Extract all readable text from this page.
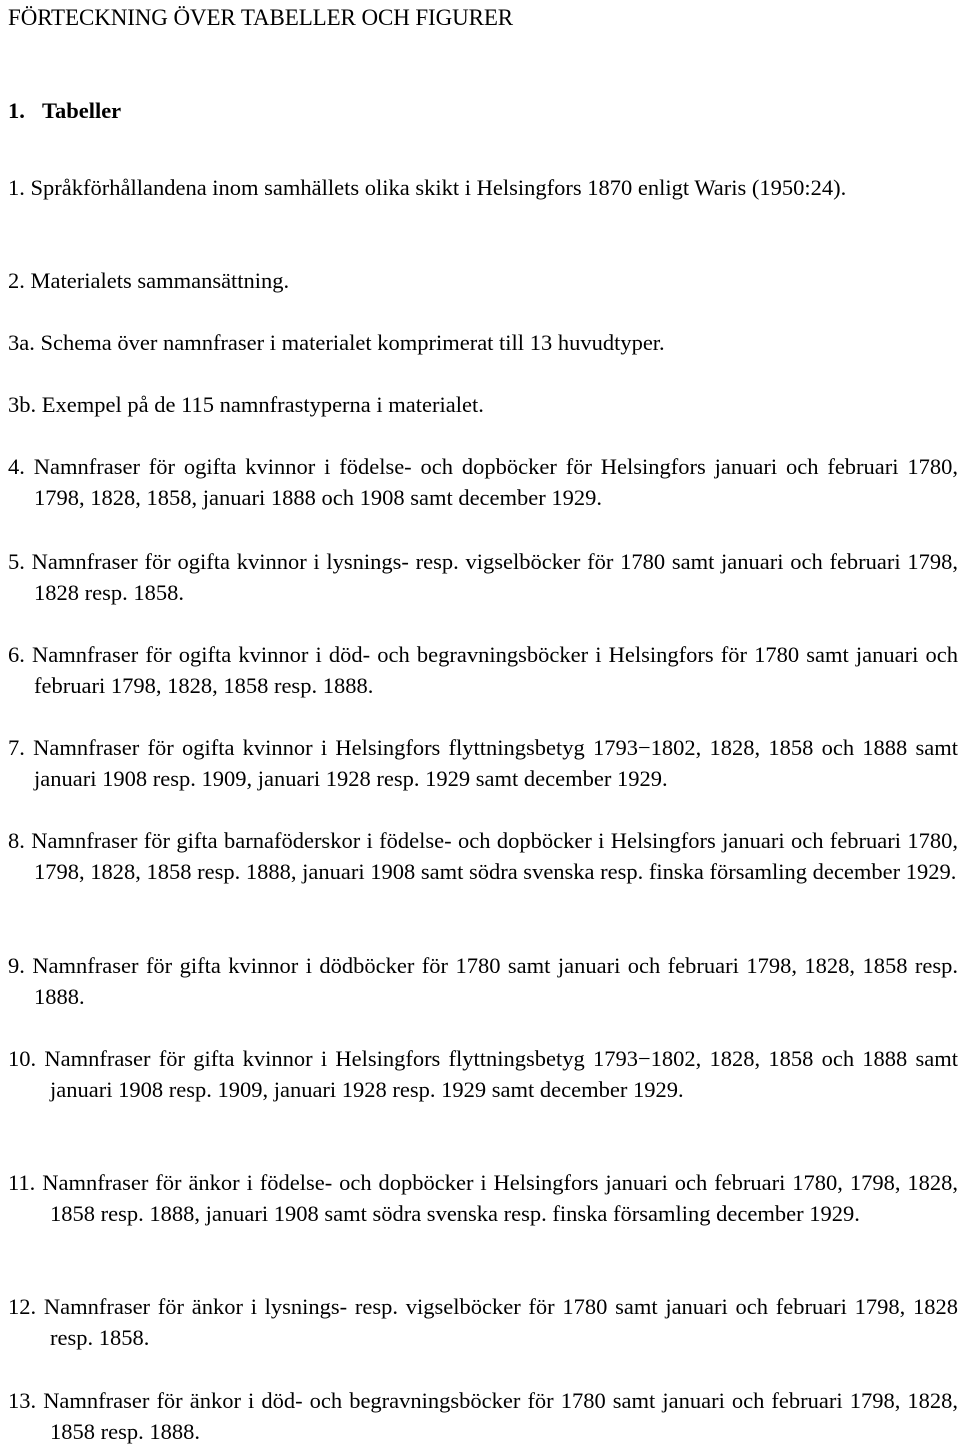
FÖRTECKNING ÖVER TABELLER OCH FIGURER
1. Tabeller

1. Språkförhållandena inom samhällets olika skikt i Helsingfors 1870 enligt Waris (1950:24).

2. Materialets sammansättning.

3a. Schema över namnfraser i materialet komprimerat till 13 huvudtyper.

3b. Exempel på de 115 namnfrastyperna i materialet.

4. Namnfraser för ogifta kvinnor i födelse- och dopböcker för Helsingfors januari och februari 1780, 1798, 1828, 1858, januari 1888 och 1908 samt december 1929.

5. Namnfraser för ogifta kvinnor i lysnings- resp. vigselböcker för 1780 samt januari och februari 1798, 1828 resp. 1858.

6. Namnfraser för ogifta kvinnor i död- och begravningsböcker i Helsingfors för 1780 samt januari och februari 1798, 1828, 1858 resp. 1888.

7. Namnfraser för ogifta kvinnor i Helsingfors flyttningsbetyg 1793−1802, 1828, 1858 och 1888 samt januari 1908 resp. 1909, januari 1928 resp. 1929 samt december 1929.

8. Namnfraser för gifta barnaföderskor i födelse- och dopböcker i Helsingfors januari och februari 1780, 1798, 1828, 1858 resp. 1888, januari 1908 samt södra svenska resp. finska församling december 1929.

9. Namnfraser för gifta kvinnor i dödböcker för 1780 samt januari och februari 1798, 1828, 1858 resp. 1888.

10. Namnfraser för gifta kvinnor i Helsingfors flyttningsbetyg 1793−1802, 1828, 1858 och 1888 samt januari 1908 resp. 1909, januari 1928 resp. 1929 samt december 1929.

11. Namnfraser för änkor i födelse- och dopböcker i Helsingfors januari och februari 1780, 1798, 1828, 1858 resp. 1888, januari 1908 samt södra svenska resp. finska församling december 1929.

12. Namnfraser för änkor i lysnings- resp. vigselböcker för 1780 samt januari och februari 1798, 1828 resp. 1858.

13. Namnfraser för änkor i död- och begravningsböcker för 1780 samt januari och februari 1798, 1828, 1858 resp. 1888.
